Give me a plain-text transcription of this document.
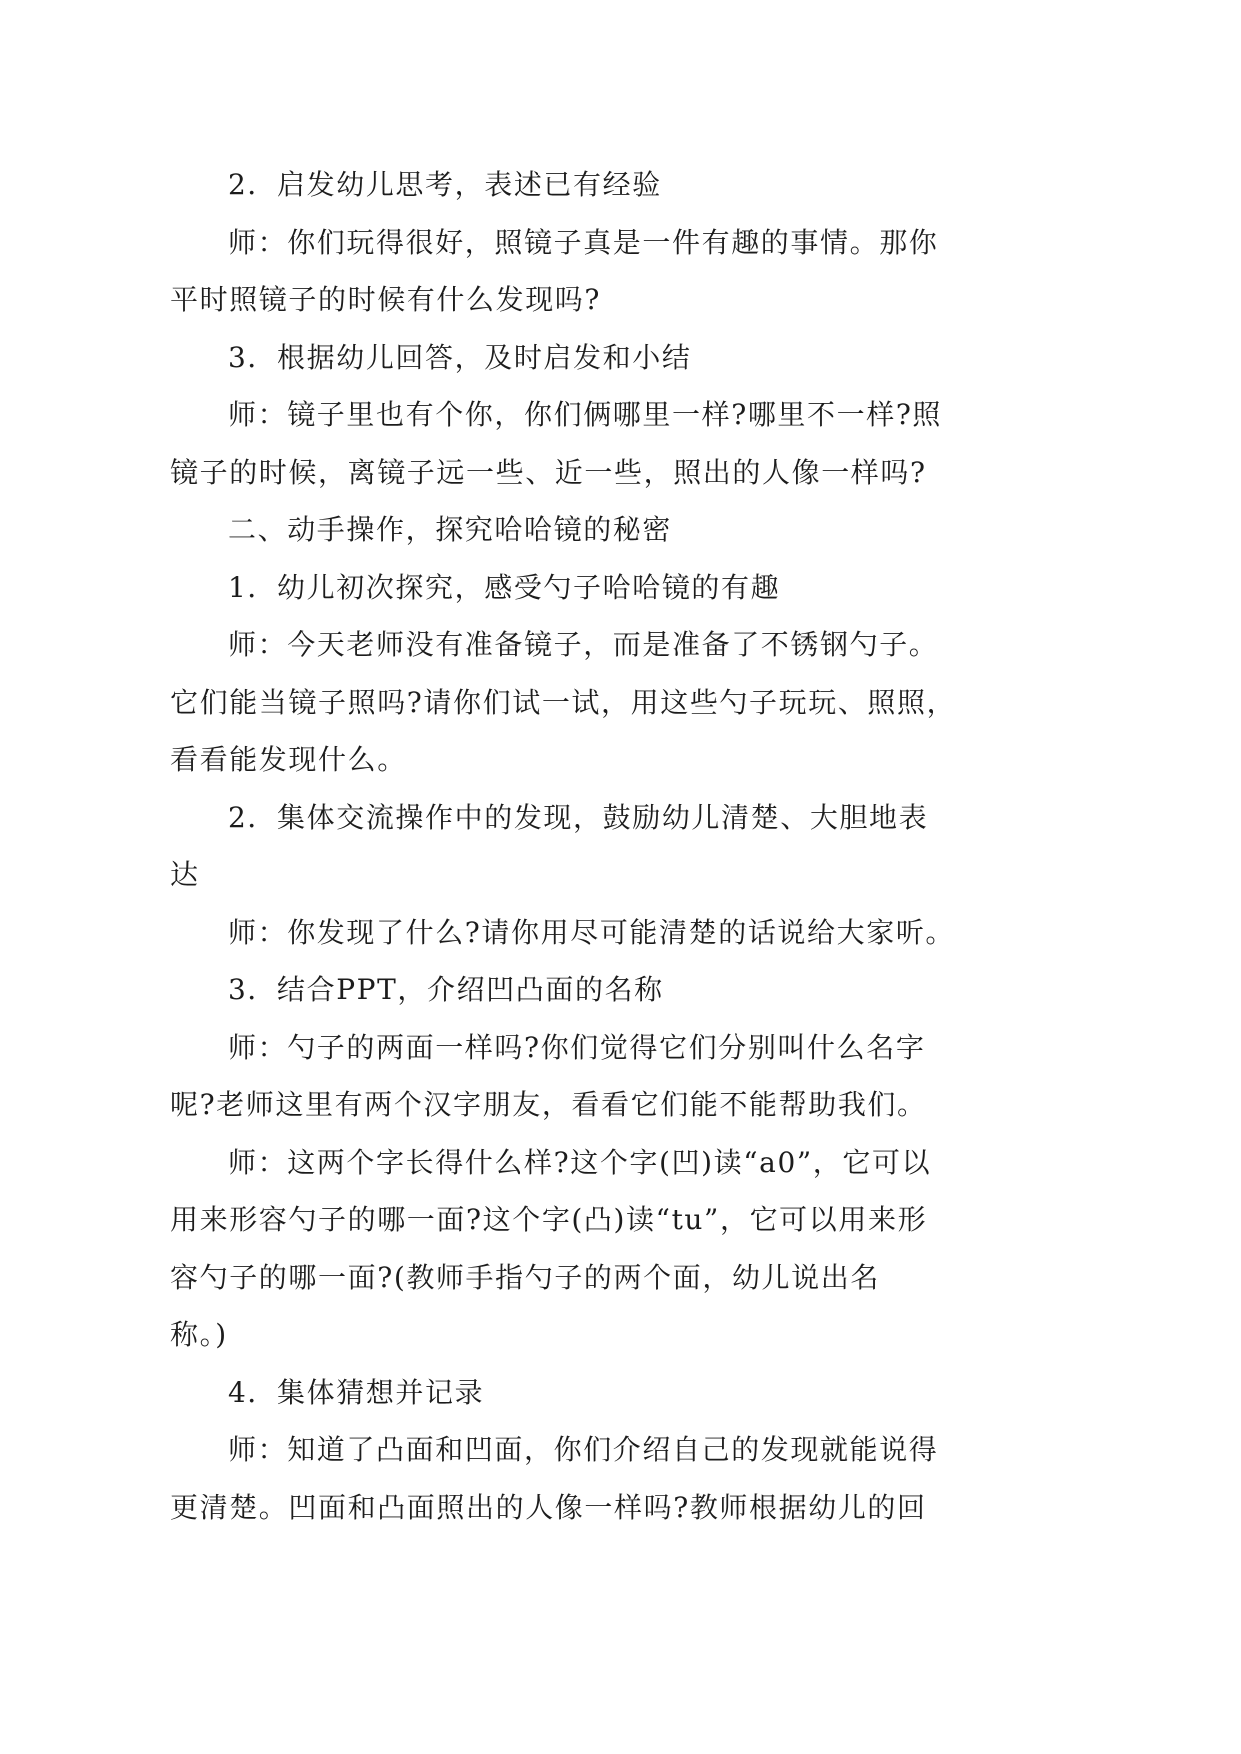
2．启发幼儿思考，表述已有经验
师：你们玩得很好，照镜子真是一件有趣的事情。那你
平时照镜子的时候有什么发现吗?
3．根据幼儿回答，及时启发和小结
师：镜子里也有个你，你们俩哪里一样?哪里不一样?照
镜子的时候，离镜子远一些、近一些，照出的人像一样吗?
二、动手操作，探究哈哈镜的秘密
1．幼儿初次探究，感受勺子哈哈镜的有趣
师：今天老师没有准备镜子，而是准备了不锈钢勺子。
它们能当镜子照吗?请你们试一试，用这些勺子玩玩、照照，
看看能发现什么。
2．集体交流操作中的发现，鼓励幼儿清楚、大胆地表
达
师：你发现了什么?请你用尽可能清楚的话说给大家听。
3．结合PPT，介绍凹凸面的名称
师：勺子的两面一样吗?你们觉得它们分别叫什么名字
呢?老师这里有两个汉字朋友，看看它们能不能帮助我们。
师：这两个字长得什么样?这个字(凹)读“a0”，它可以
用来形容勺子的哪一面?这个字(凸)读“tu”，它可以用来形
容勺子的哪一面?(教师手指勺子的两个面，幼儿说出名
称。)
4．集体猜想并记录
师：知道了凸面和凹面，你们介绍自己的发现就能说得
更清楚。凹面和凸面照出的人像一样吗?教师根据幼儿的回
